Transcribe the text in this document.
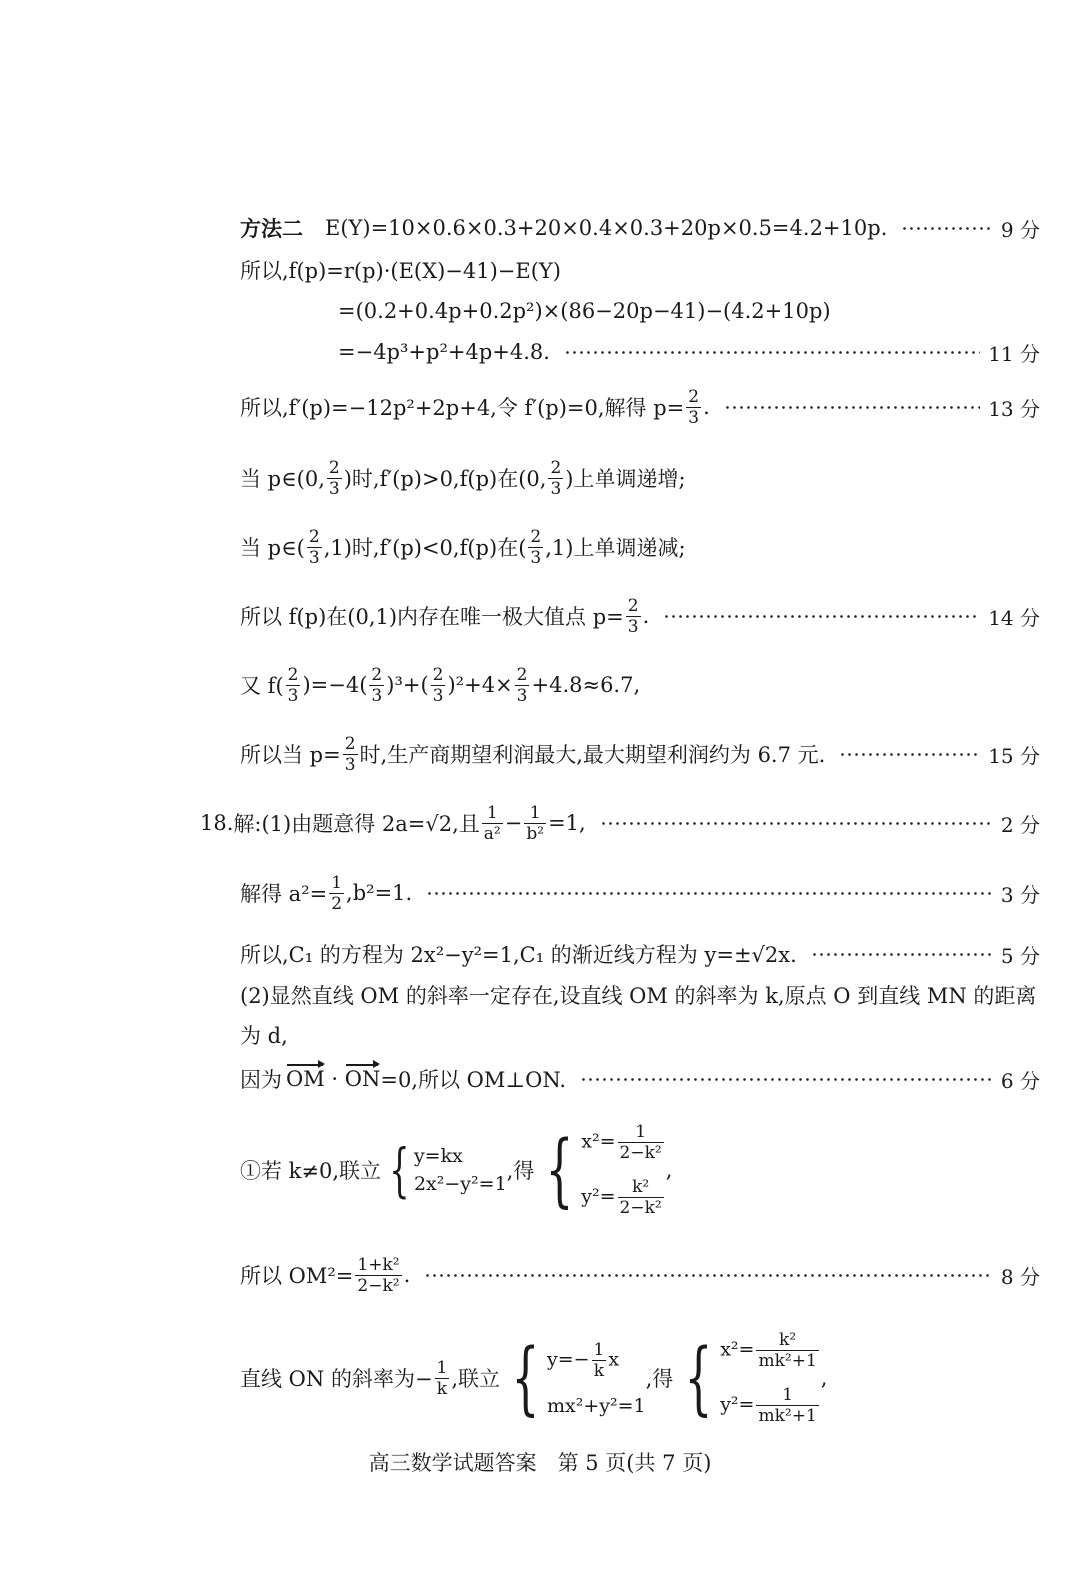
方法二 E(Y)=10×0.6×0.3+20×0.4×0.3+20p×0.5=4.2+10p.	9 分
所以,f(p)=r(p)·(E(X)−41)−E(Y)
=(0.2+0.4p+0.2p²)×(86−20p−41)−(4.2+10p)
=−4p³+p²+4p+4.8.	11 分
所以,f′(p)=−12p²+2p+4,令 f′(p)=0,解得 $p= \frac{2}{3}$ .	13 分
当 p∈(0, $\frac{2}{3}$ )时,f′(p)>0,f(p)在(0, $\frac{2}{3}$ )上单调递增;
当 p∈( $\frac{2}{3} ,1$)时,f′(p)<0,f(p)在( $\frac{2}{3} ,1$)上单调递减;
所以 f(p)在(0,1)内存在唯一极大值点 $p= \frac{2}{3}$ .	14 分
又 $f( \frac{2}{3} )=-4( \frac{2}{3} )^3+( \frac{2}{3} )^2+4\times \frac{2}{3} +4.8\approx 6.7$,
所以当 $p= \frac{2}{3}$ 时,生产商期望利润最大,最大期望利润约为 6.7 元.	15 分
18. 解:(1)由题意得 2a=√2,且 $\frac{1}{\text{a²}} - \frac{1}{\text{b²}} =1$,	2 分
解得 $a^2= \frac{1}{2} ,b^2=1$.	3 分
所以,C₁ 的方程为 2x²−y²=1,C₁ 的渐近线方程为 y=±√2x.	5 分
(2)显然直线 OM 的斜率一定存在,设直线 OM 的斜率为 k,原点 O 到直线 MN 的距离为 d,
因为 OM · ON =0,所以 OM⊥ON.	6 分
①若 k≠0,联立 { y=kx
2x²−y²=1
,得 { $x^2= \frac{1}{\text{2−k²}}$
$y^2= \frac{\text{k²}}{\text{2−k²}}$
,
所以 $OM^2= \frac{\text{1+k²}}{\text{2−k²}}$ .	8 分
直线 ON 的斜率为− $\frac{1}{k}$ ,联立 { $y=- \frac{1}{k}$ x
mx²+y²=1
,得 { $x^2= \frac{\text{k²}}{\text{mk²+1}}$
$y^2= \frac{1}{\text{mk²+1}}$
,
高三数学试题答案　第 5 页(共 7 页)
